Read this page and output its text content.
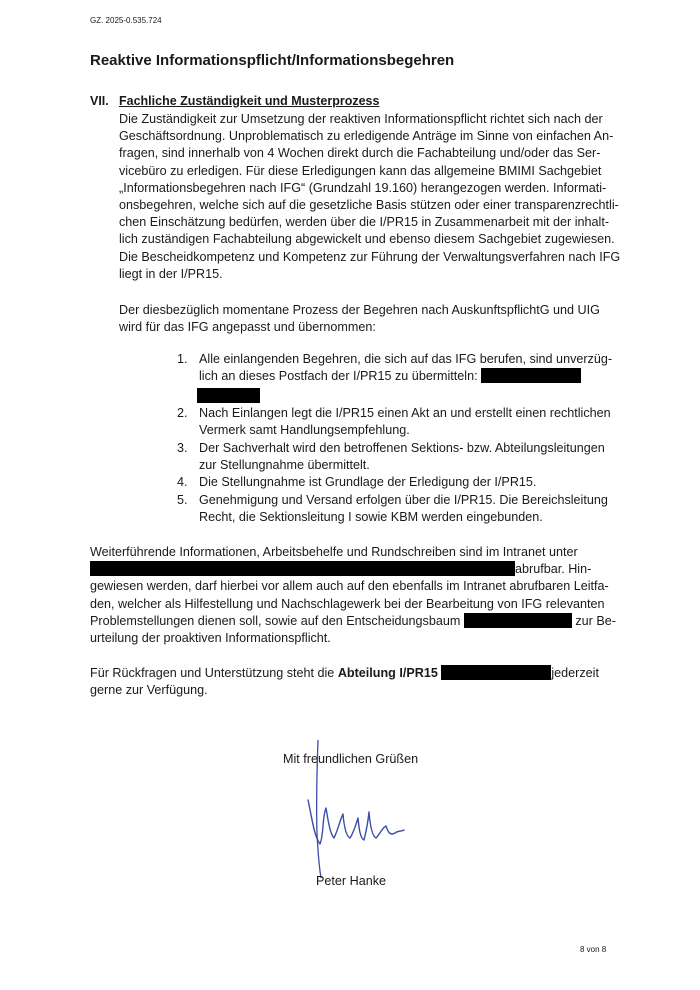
GZ. 2025-0.535.724
Reaktive Informationspflicht/Informationsbegehren
VII. Fachliche Zuständigkeit und Musterprozess
Die Zuständigkeit zur Umsetzung der reaktiven Informationspflicht richtet sich nach der
Geschäftsordnung. Unproblematisch zu erledigende Anträge im Sinne von einfachen An-
fragen, sind innerhalb von 4 Wochen direkt durch die Fachabteilung und/oder das Ser-
vicebüro zu erledigen. Für diese Erledigungen kann das allgemeine BMIMI Sachgebiet
„Informationsbegehren nach IFG“ (Grundzahl 19.160) herangezogen werden. Informati-
onsbegehren, welche sich auf die gesetzliche Basis stützen oder einer transparenzrechtli-
chen Einschätzung bedürfen, werden über die I/PR15 in Zusammenarbeit mit der inhalt-
lich zuständigen Fachabteilung abgewickelt und ebenso diesem Sachgebiet zugewiesen.
Die Bescheidkompetenz und Kompetenz zur Führung der Verwaltungsverfahren nach IFG
liegt in der I/PR15.
Der diesbezüglich momentane Prozess der Begehren nach AuskunftspflichtG und UIG
wird für das IFG angepasst und übernommen:
1. Alle einlangenden Begehren, die sich auf das IFG berufen, sind unverzüg-
lich an dieses Postfach der I/PR15 zu übermitteln:
2. Nach Einlangen legt die I/PR15 einen Akt an und erstellt einen rechtlichen
Vermerk samt Handlungsempfehlung.
3. Der Sachverhalt wird den betroffenen Sektions- bzw. Abteilungsleitungen
zur Stellungnahme übermittelt.
4. Die Stellungnahme ist Grundlage der Erledigung der I/PR15.
5. Genehmigung und Versand erfolgen über die I/PR15. Die Bereichsleitung
Recht, die Sektionsleitung I sowie KBM werden eingebunden.
Weiterführende Informationen, Arbeitsbehelfe und Rundschreiben sind im Intranet unter
abrufbar. Hin-
gewiesen werden, darf hierbei vor allem auch auf den ebenfalls im Intranet abrufbaren Leitfa-
den, welcher als Hilfestellung und Nachschlagewerk bei der Bearbeitung von IFG relevanten
Problemstellungen dienen soll, sowie auf den Entscheidungsbaum	zur Be-
urteilung der proaktiven Informationspflicht.
Für Rückfragen und Unterstützung steht die Abteilung I/PR15	jederzeit
gerne zur Verfügung.
Mit freundlichen Grüßen
Peter Hanke
8 von 8
